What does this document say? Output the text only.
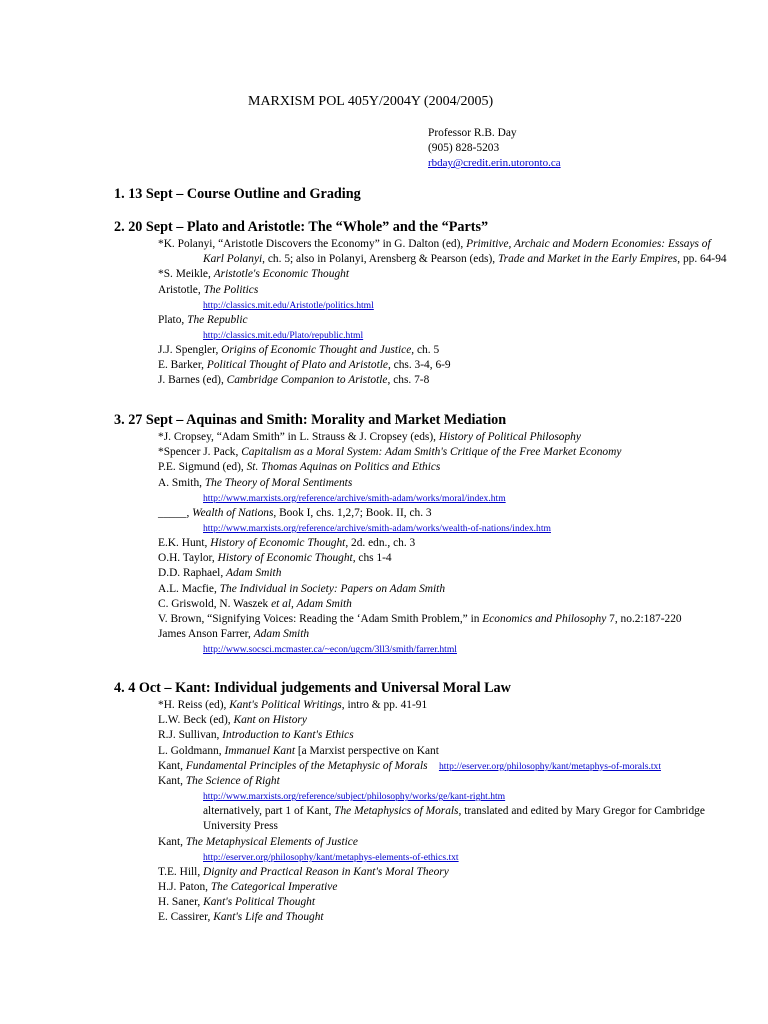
MARXISM POL 405Y/2004Y (2004/2005)
Professor R.B. Day
(905) 828-5203
rbday@credit.erin.utoronto.ca
1. 13 Sept – Course Outline and Grading
2. 20 Sept – Plato and Aristotle: The “Whole” and the “Parts”
*K. Polanyi, “Aristotle Discovers the Economy” in G. Dalton (ed), Primitive, Archaic and Modern Economies: Essays of Karl Polanyi, ch. 5; also in Polanyi, Arensberg & Pearson (eds), Trade and Market in the Early Empires, pp. 64-94
*S. Meikle, Aristotle's Economic Thought
Aristotle, The Politics
http://classics.mit.edu/Aristotle/politics.html
Plato, The Republic
http://classics.mit.edu/Plato/republic.html
J.J. Spengler, Origins of Economic Thought and Justice, ch. 5
E. Barker, Political Thought of Plato and Aristotle, chs. 3-4, 6-9
J. Barnes (ed), Cambridge Companion to Aristotle, chs. 7-8
3. 27 Sept – Aquinas and Smith: Morality and Market Mediation
*J. Cropsey, “Adam Smith” in L. Strauss & J. Cropsey (eds), History of Political Philosophy
*Spencer J. Pack, Capitalism as a Moral System: Adam Smith's Critique of the Free Market Economy
P.E. Sigmund (ed), St. Thomas Aquinas on Politics and Ethics
A. Smith, The Theory of Moral Sentiments
http://www.marxists.org/reference/archive/smith-adam/works/moral/index.htm
_____, Wealth of Nations, Book I, chs. 1,2,7; Book. II, ch. 3
http://www.marxists.org/reference/archive/smith-adam/works/wealth-of-nations/index.htm
E.K. Hunt, History of Economic Thought, 2d. edn., ch. 3
O.H. Taylor, History of Economic Thought, chs 1-4
D.D. Raphael, Adam Smith
A.L. Macfie, The Individual in Society: Papers on Adam Smith
C. Griswold, N. Waszek et al, Adam Smith
V. Brown, “Signifying Voices: Reading the ‘Adam Smith Problem,” in Economics and Philosophy 7, no.2:187-220
James Anson Farrer, Adam Smith
http://www.socsci.mcmaster.ca/~econ/ugcm/3ll3/smith/farrer.html
4. 4 Oct – Kant: Individual judgements and Universal Moral Law
*H. Reiss (ed), Kant's Political Writings, intro & pp. 41-91
L.W. Beck (ed), Kant on History
R.J. Sullivan, Introduction to Kant's Ethics
L. Goldmann, Immanuel Kant [a Marxist perspective on Kant
Kant, Fundamental Principles of the Metaphysic of Morals http://eserver.org/philosophy/kant/metaphys-of-morals.txt
Kant, The Science of Right
http://www.marxists.org/reference/subject/philosophy/works/ge/kant-right.htm
alternatively, part 1 of Kant, The Metaphysics of Morals, translated and edited by Mary Gregor for Cambridge University Press
Kant, The Metaphysical Elements of Justice
http://eserver.org/philosophy/kant/metaphys-elements-of-ethics.txt
T.E. Hill, Dignity and Practical Reason in Kant's Moral Theory
H.J. Paton, The Categorical Imperative
H. Saner, Kant's Political Thought
E. Cassirer, Kant's Life and Thought
